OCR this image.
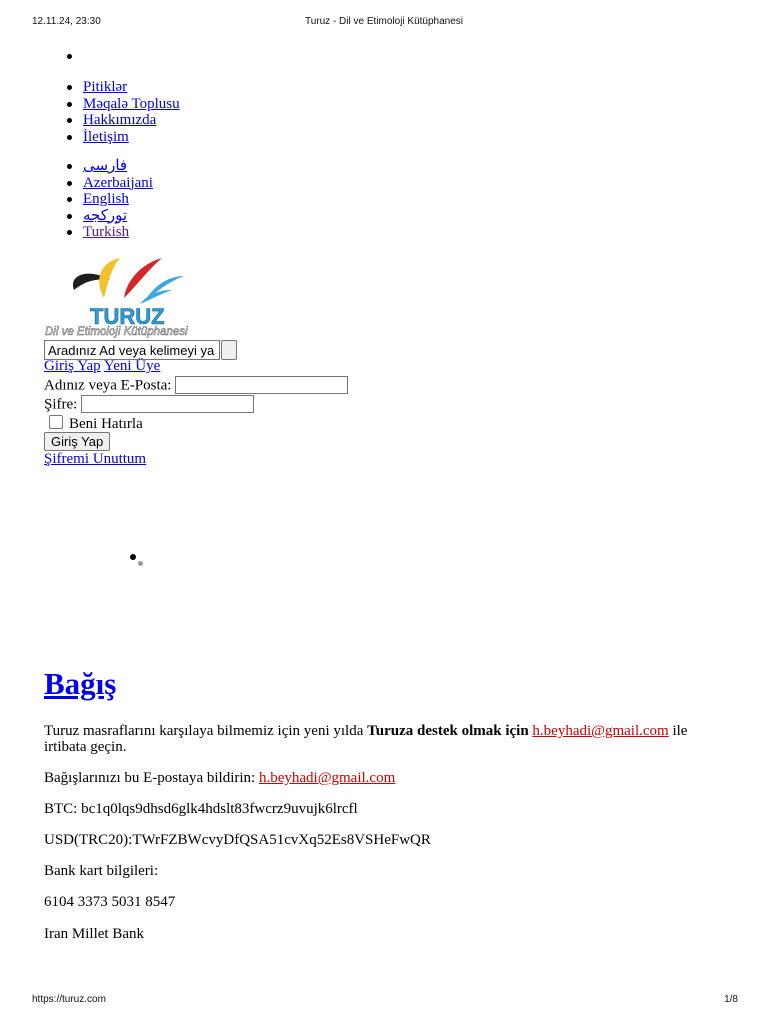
12.11.24, 23:30	Turuz - Dil ve Etimoloji Kütüphanesi

Pitiklər
Məqalə Toplusu
Hakkımızda
İletişim
فارسی
Azerbaijani
English
تورکجه
Turkish
TURUZ
Dil ve Etimoloji Kütüphanesi
Aradınız Ad veya kelimeyi ya
Giriş Yap Yeni Üye
Adınız veya E-Posta:
Şifre:
Beni Hatırla
Giriş Yap
Şifremi Unuttum
Bağış

Turuz masraflarını karşılaya bilmemiz için yeni yılda Turuza destek olmak için h.beyhadi@gmail.com ile
irtibata geçin.

Bağışlarınızı bu E-postaya bildirin: h.beyhadi@gmail.com

BTC: bc1q0lqs9dhsd6glk4hdslt83fwcrz9uvujk6lrcfl

USD(TRC20):TWrFZBWcvyDfQSA51cvXq52Es8VSHeFwQR

Bank kart bilgileri:

6104 3373 5031 8547

Iran Millet Bank

https://turuz.com	1/8
